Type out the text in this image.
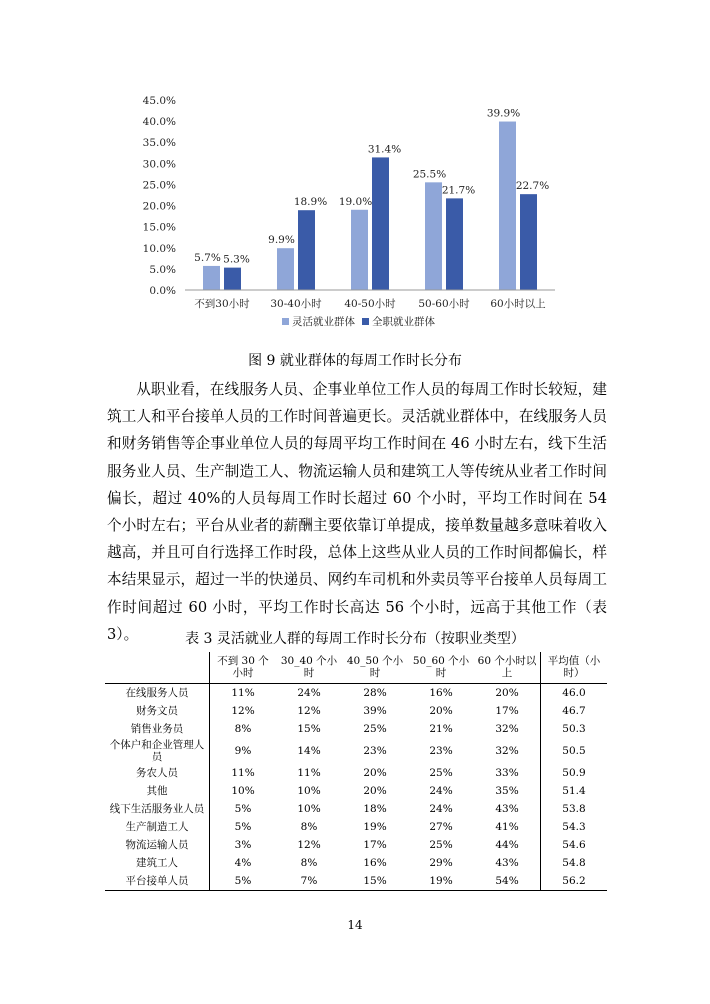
0.0%
5.0%
10.0%
15.0%
20.0%
25.0%
30.0%
35.0%
40.0%
45.0%
5.7%
9.9%
19.0%
25.5%
39.9%
5.3%
18.9%
31.4%
21.7%	22.7%
不到30小时 30-40小时 40-50小时 50-60小时 60小时以上
灵活就业群体 全职就业群体
图 9 就业群体的每周工作时长分布

从职业看，在线服务人员、企事业单位工作人员的每周工作时长较短，建筑工人和平台接单人员的工作时间普遍更长。灵活就业群体中，在线服务人员和财务销售等企事业单位人员的每周平均工作时间在 46 小时左右，线下生活服务业人员、生产制造工人、物流运输人员和建筑工人等传统从业者工作时间偏长，超过 40%的人员每周工作时长超过 60 个小时，平均工作时间在 54 个小时左右；平台从业者的薪酬主要依靠订单提成，接单数量越多意味着收入越高，并且可自行选择工作时段，总体上这些从业人员的工作时间都偏长，样本结果显示，超过一半的快递员、网约车司机和外卖员等平台接单人员每周工作时间超过 60 小时，平均工作时长高达 56 个小时，远高于其他工作（表 3）。	表 3 灵活就业人群的每周工作时长分布（按职业类型）
	不到 30 个小时	30_40 个小时	40_50 个小时	50_60 个小时	60 个小时以上	平均值（小时）
在线服务人员	11%	24%	28%	16%	20%	46.0
财务文员	12%	12%	39%	20%	17%	46.7
销售业务员	8%	15%	25%	21%	32%	50.3
个体户和企业管理人员	9%	14%	23%	23%	32%	50.5
务农人员	11%	11%	20%	25%	33%	50.9
其他	10%	10%	20%	24%	35%	51.4
线下生活服务业人员	5%	10%	18%	24%	43%	53.8
生产制造工人	5%	8%	19%	27%	41%	54.3
物流运输人员	3%	12%	17%	25%	44%	54.6
建筑工人	4%	8%	16%	29%	43%	54.8
平台接单人员	5%	7%	15%	19%	54%	56.2
14
